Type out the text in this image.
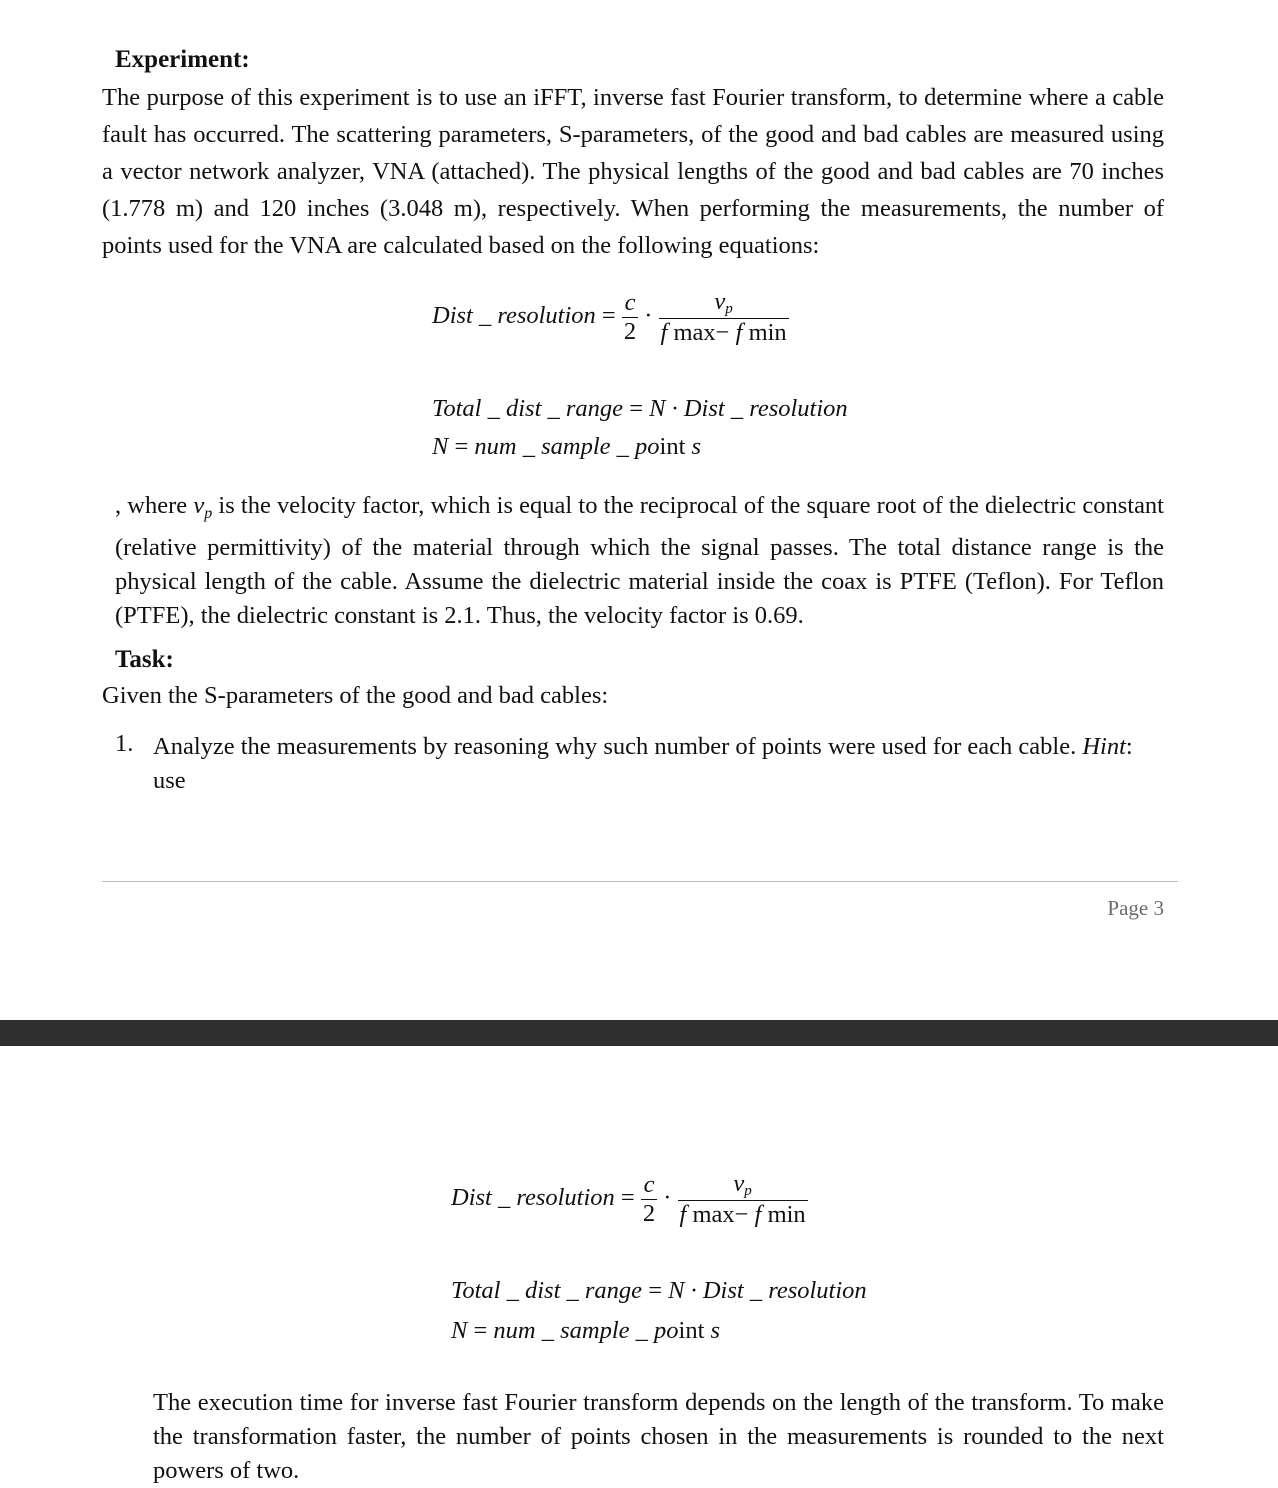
Experiment:

The purpose of this experiment is to use an iFFT, inverse fast Fourier transform, to determine where a cable fault has occurred. The scattering parameters, S-parameters, of the good and bad cables are measured using a vector network analyzer, VNA (attached). The physical lengths of the good and bad cables are 70 inches (1.778 m) and 120 inches (3.048 m), respectively. When performing the measurements, the number of points used for the VNA are calculated based on the following equations:

Dist _ resolution = $\frac{c}{2} \cdot \frac{vp}{\text{f max− f min}}$
Total _ dist _ range = N · Dist _ resolution
N = num _ sample _ point s

, where $v_p$ is the velocity factor, which is equal to the reciprocal of the square root of the dielectric constant (relative permittivity) of the material through which the signal passes. The total distance range is the physical length of the cable. Assume the dielectric material inside the coax is PTFE (Teflon). For Teflon (PTFE), the dielectric constant is 2.1. Thus, the velocity factor is 0.69.

Task:

Given the S-parameters of the good and bad cables:

1. Analyze the measurements by reasoning why such number of points were used for each cable. Hint:
use

Page 3
Dist _ resolution = $\frac{c}{2} \cdot \frac{vp}{\text{f max− f min}}$
Total _ dist _ range = N · Dist _ resolution
N = num _ sample _ point s

The execution time for inverse fast Fourier transform depends on the length of the transform. To make the transformation faster, the number of points chosen in the measurements is rounded to the next powers of two.
